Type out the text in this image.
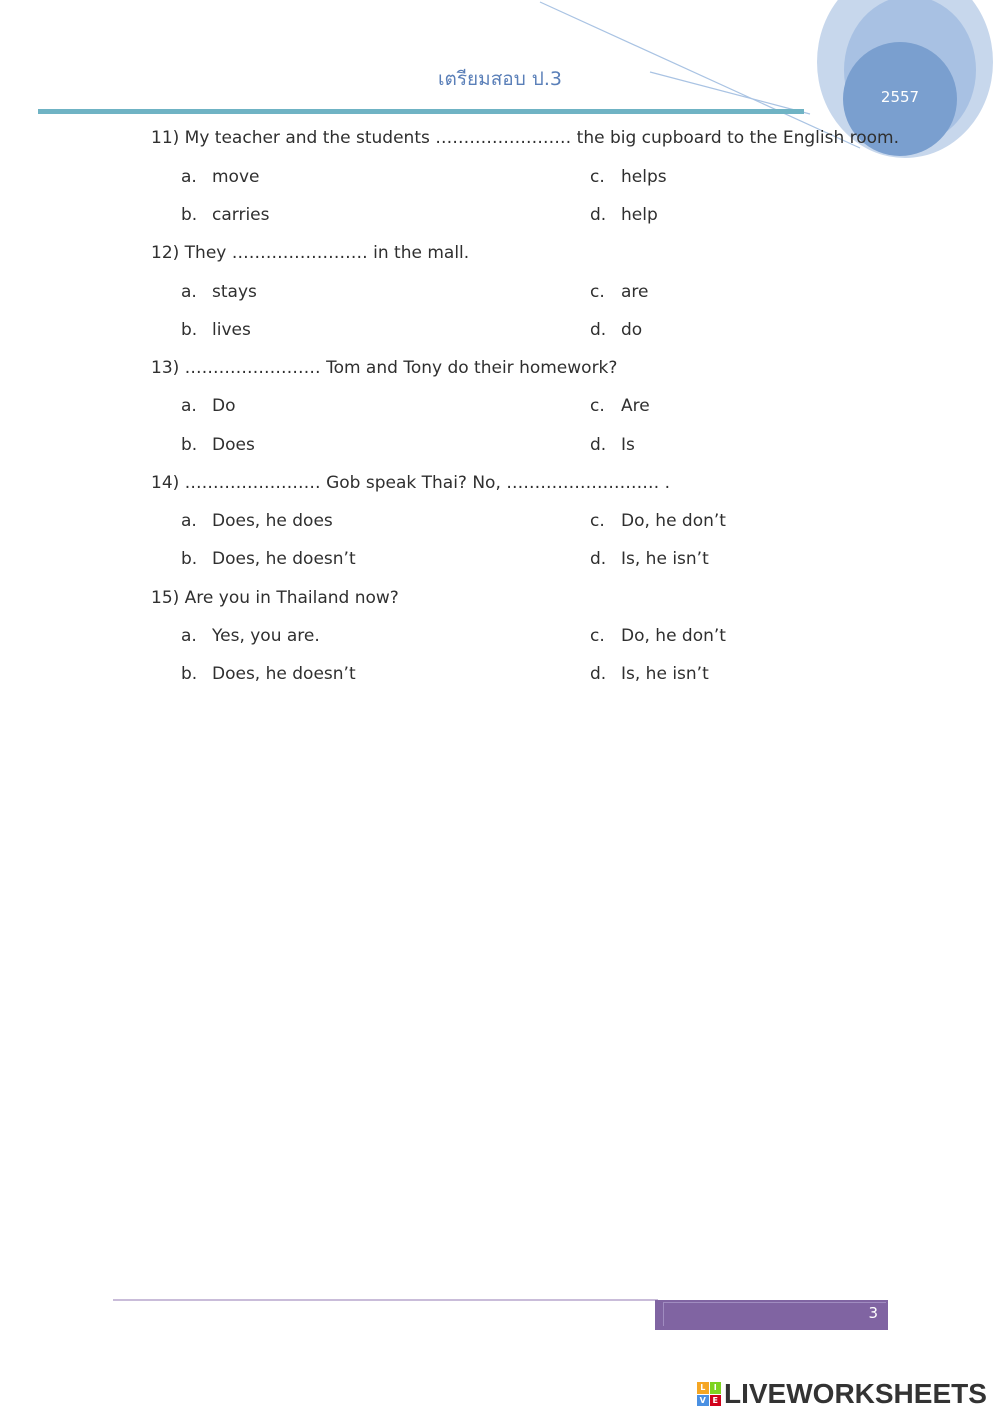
2557
เตรียมสอบ ป.3
11) My teacher and the students …………………… the big cupboard to the English room.
a. move
b. carries
c. helps
d. help
12) They …………………… in the mall.
a. stays
b. lives
c. are
d. do
13) …………………… Tom and Tony do their homework?
a. Do
b. Does
c. Are
d. Is
14) …………………… Gob speak Thai? No, ……………………… .
a. Does, he does
b. Does, he doesn’t
c. Do, he don’t
d. Is, he isn’t
15) Are you in Thailand now?
a. Yes, you are.
b. Does, he doesn’t
c. Do, he don’t
d. Is, he isn’t
3
L	I
V E LIVEWORKSHEETS
